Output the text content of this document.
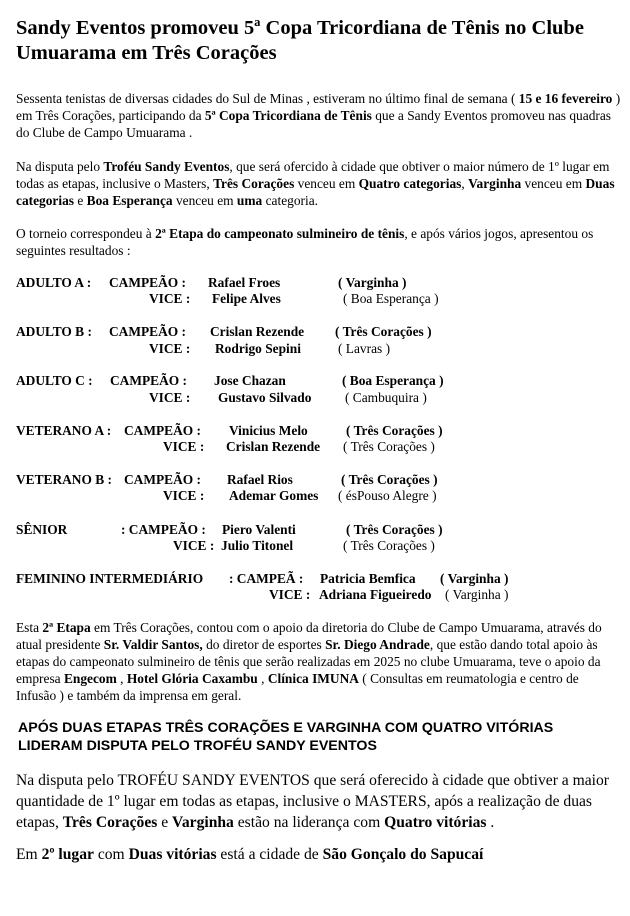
Sandy Eventos promoveu 5ª Copa Tricordiana de Tênis no Clube Umuarama em Três Corações
Sessenta tenistas de diversas cidades do Sul de Minas , estiveram no último final de semana ( 15 e 16 fevereiro ) em Três Corações, participando da 5ª Copa Tricordiana de Tênis que a Sandy Eventos promoveu nas quadras do Clube de Campo Umuarama .
Na disputa pelo Troféu Sandy Eventos, que será ofercido à cidade que obtiver o maior número de 1º lugar em todas as etapas, inclusive o Masters, Três Corações venceu em Quatro categorias, Varginha venceu em Duas categorias e Boa Esperança venceu em uma categoria.
O torneio correspondeu à 2ª Etapa do campeonato sulmineiro de tênis, e após vários jogos, apresentou os seguintes resultados :
ADULTO A : CAMPEÃO : Rafael Froes	( Varginha )
VICE : Felipe Alves	( Boa Esperança )
ADULTO B : CAMPEÃO : Crislan Rezende ( Três Corações )
VICE : Rodrigo Sepini	( Lavras )
ADULTO C : CAMPEÃO : Jose Chazan	( Boa Esperança )
VICE : Gustavo Silvado	( Cambuquira )
VETERANO A : CAMPEÃO : Vinicius Melo	( Três Corações )
VICE : Crislan Rezende ( Três Corações )
VETERANO B : CAMPEÃO : Rafael Rios	( Três Corações )
VICE : Ademar Gomes ( ésPouso Alegre )
SÊNIOR	: CAMPEÃO : Piero Valenti	( Três Corações )
VICE : Julio Titonel	( Três Corações )
FEMININO INTERMEDIÁRIO : CAMPEÃ : Patricia Bemfica ( Varginha )
VICE : Adriana Figueiredo ( Varginha )
Esta 2ª Etapa em Três Corações, contou com o apoio da diretoria do Clube de Campo Umuarama, através do atual presidente Sr. Valdir Santos, do diretor de esportes Sr. Diego Andrade, que estão dando total apoio às etapas do campeonato sulmineiro de tênis que serão realizadas em 2025 no clube Umuarama, teve o apoio da empresa Engecom , Hotel Glória Caxambu , Clínica IMUNA ( Consultas em reumatologia e centro de Infusão ) e também da imprensa em geral.
APÓS DUAS ETAPAS TRÊS CORAÇÕES E VARGINHA COM QUATRO VITÓRIAS LIDERAM DISPUTA PELO TROFÉU SANDY EVENTOS
Na disputa pelo TROFÉU SANDY EVENTOS que será oferecido à cidade que obtiver a maior quantidade de 1º lugar em todas as etapas, inclusive o MASTERS, após a realização de duas etapas, Três Corações e Varginha estão na liderança com Quatro vitórias .
Em 2º lugar com Duas vitórias está a cidade de São Gonçalo do Sapucaí
